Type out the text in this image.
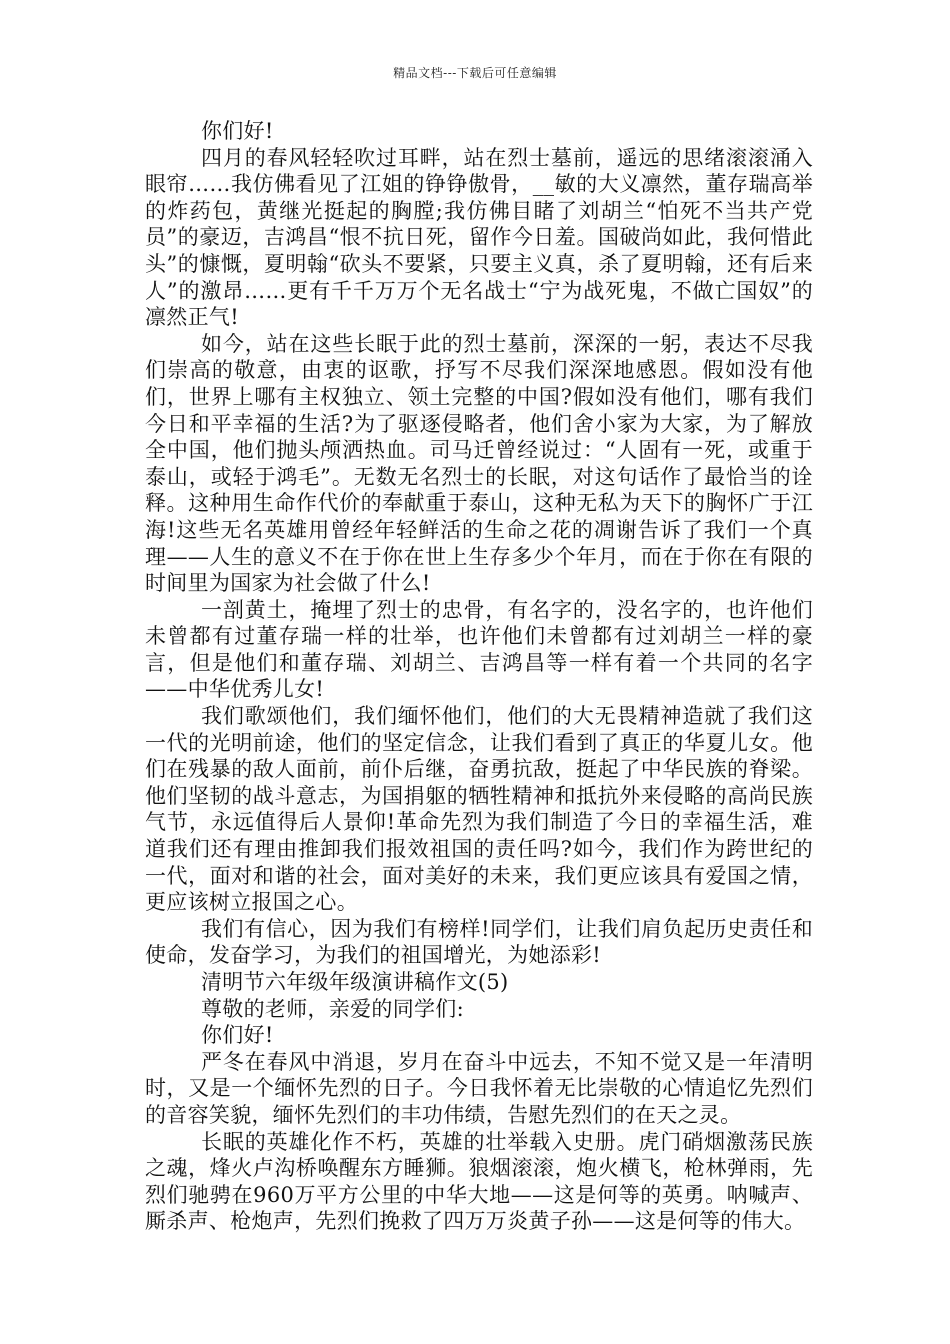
精品文档---下载后可任意编辑

你们好!

四月的春风轻轻吹过耳畔，站在烈士墓前，遥远的思绪滚滚涌入眼帘……我仿佛看见了江姐的铮铮傲骨，__敏的大义凛然，董存瑞高举的炸药包，黄继光挺起的胸膛;我仿佛目睹了刘胡兰“怕死不当共产党员”的豪迈，吉鸿昌“恨不抗日死，留作今日羞。国破尚如此，我何惜此头”的慷慨，夏明翰“砍头不要紧，只要主义真，杀了夏明翰，还有后来人”的激昂……更有千千万万个无名战士“宁为战死鬼，不做亡国奴”的凛然正气!

如今，站在这些长眠于此的烈士墓前，深深的一躬，表达不尽我们崇高的敬意，由衷的讴歌，抒写不尽我们深深地感恩。假如没有他们，世界上哪有主权独立、领土完整的中国?假如没有他们，哪有我们今日和平幸福的生活?为了驱逐侵略者，他们舍小家为大家，为了解放全中国，他们抛头颅洒热血。司马迁曾经说过：“人固有一死，或重于泰山，或轻于鸿毛”。无数无名烈士的长眠，对这句话作了最恰当的诠释。这种用生命作代价的奉献重于泰山，这种无私为天下的胸怀广于江海!这些无名英雄用曾经年轻鲜活的生命之花的凋谢告诉了我们一个真理——人生的意义不在于你在世上生存多少个年月，而在于你在有限的时间里为国家为社会做了什么!

一剖黄土，掩埋了烈士的忠骨，有名字的，没名字的，也许他们未曾都有过董存瑞一样的壮举，也许他们未曾都有过刘胡兰一样的豪言，但是他们和董存瑞、刘胡兰、吉鸿昌等一样有着一个共同的名字——中华优秀儿女!

我们歌颂他们，我们缅怀他们，他们的大无畏精神造就了我们这一代的光明前途，他们的坚定信念，让我们看到了真正的华夏儿女。他们在残暴的敌人面前，前仆后继，奋勇抗敌，挺起了中华民族的脊梁。他们坚韧的战斗意志，为国捐躯的牺牲精神和抵抗外来侵略的高尚民族气节，永远值得后人景仰!革命先烈为我们制造了今日的幸福生活，难道我们还有理由推卸我们报效祖国的责任吗?如今，我们作为跨世纪的一代，面对和谐的社会，面对美好的未来，我们更应该具有爱国之情，更应该树立报国之心。

我们有信心，因为我们有榜样!同学们，让我们肩负起历史责任和使命，发奋学习，为我们的祖国增光，为她添彩!

清明节六年级年级演讲稿作文(5)

尊敬的老师，亲爱的同学们:

你们好!

严冬在春风中消退，岁月在奋斗中远去，不知不觉又是一年清明时，又是一个缅怀先烈的日子。今日我怀着无比崇敬的心情追忆先烈们的音容笑貌，缅怀先烈们的丰功伟绩，告慰先烈们的在天之灵。

长眠的英雄化作不朽，英雄的壮举载入史册。虎门硝烟激荡民族之魂，烽火卢沟桥唤醒东方睡狮。狼烟滚滚，炮火横飞，枪林弹雨，先烈们驰骋在960万平方公里的中华大地——这是何等的英勇。呐喊声、厮杀声、枪炮声，先烈们挽救了四万万炎黄子孙——这是何等的伟大。
